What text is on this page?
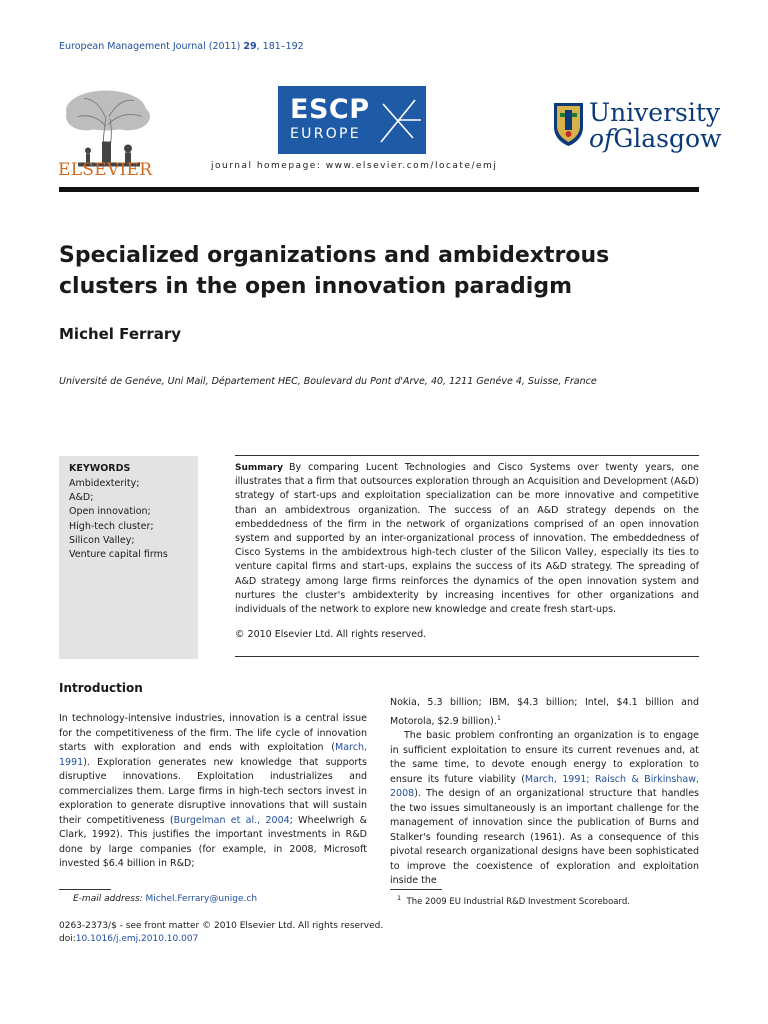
European Management Journal (2011) 29, 181–192
ELSEVIER
ESCP
EUROPE
journal homepage: www.elsevier.com/locate/emj
University
ofGlasgow
Specialized organizations and ambidextrous clusters in the open innovation paradigm
Michel Ferrary
Université de Genéve, Uni Mail, Département HEC, Boulevard du Pont d'Arve, 40, 1211 Genéve 4, Suisse, France
KEYWORDS
Ambidexterity;
A&D;
Open innovation;
High-tech cluster;
Silicon Valley;
Venture capital firms
Summary By comparing Lucent Technologies and Cisco Systems over twenty years, one illustrates that a firm that outsources exploration through an Acquisition and Development (A&D) strategy of start-ups and exploitation specialization can be more innovative and competitive than an ambidextrous organization. The success of an A&D strategy depends on the embeddedness of the firm in the network of organizations comprised of an open innovation system and supported by an inter-organizational process of innovation. The embeddedness of Cisco Systems in the ambidextrous high-tech cluster of the Silicon Valley, especially its ties to venture capital firms and start-ups, explains the success of its A&D strategy. The spreading of A&D strategy among large firms reinforces the dynamics of the open innovation system and nurtures the cluster's ambidexterity by increasing incentives for other organizations and individuals of the network to explore new knowledge and create fresh start-ups.
© 2010 Elsevier Ltd. All rights reserved.
Introduction

In technology-intensive industries, innovation is a central issue for the competitiveness of the firm. The life cycle of innovation starts with exploration and ends with exploitation (March, 1991). Exploration generates new knowledge that supports disruptive innovations. Exploitation industrializes and commercializes them. Large firms in high-tech sectors invest in exploration to generate disruptive innovations that will sustain their competitiveness (Burgelman et al., 2004; Wheelwrigh & Clark, 1992). This justifies the important investments in R&D done by large companies (for example, in 2008, Microsoft invested $6.4 billion in R&D;

Nokia, 5.3 billion; IBM, $4.3 billion; Intel, $4.1 billion and Motorola, $2.9 billion).$^1$

The basic problem confronting an organization is to engage in sufficient exploitation to ensure its current revenues and, at the same time, to devote enough energy to exploration to ensure its future viability (March, 1991; Raisch & Birkinshaw, 2008). The design of an organizational structure that handles the two issues simultaneously is an important challenge for the management of innovation since the publication of Burns and Stalker's founding research (1961). As a consequence of this pivotal research organizational designs have been sophisticated to improve the coexistence of exploration and exploitation inside the

E-mail address: Michel.Ferrary@unige.ch	$^1$ The 2009 EU Industrial R&D Investment Scoreboard.
0263-2373/$ - see front matter © 2010 Elsevier Ltd. All rights reserved.
doi:10.1016/j.emj.2010.10.007
